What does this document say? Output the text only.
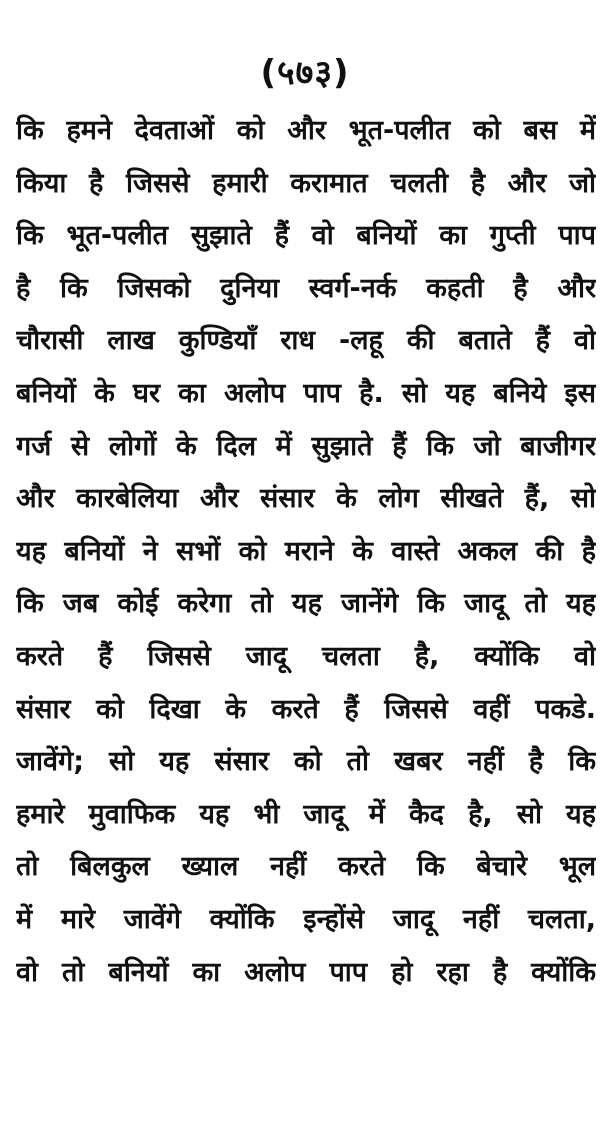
(५७३)
कि हमने देवताओं को और भूत-पलीत को बस में
किया है जिससे हमारी करामात चलती है और जो
कि भूत-पलीत सुझाते हैं वो बनियों का गुप्ती पाप
है कि जिसको दुनिया स्वर्ग-नर्क कहती है और
चौरासी लाख कुण्डियाँ राध -लहू की बताते हैं वो
बनियों के घर का अलोप पाप है. सो यह बनिये इस
गर्ज से लोगों के दिल में सुझाते हैं कि जो बाजीगर
और कारबेलिया और संसार के लोग सीखते हैं, सो
यह बनियों ने सभों को मराने के वास्ते अकल की है
कि जब कोई करेगा तो यह जानेंगे कि जादू तो यह
करते हैं जिससे जादू चलता है, क्योंकि वो
संसार को दिखा के करते हैं जिससे वहीं पकडे.
जावेंगे; सो यह संसार को तो खबर नहीं है कि
हमारे मुवाफिक यह भी जादू में कैद है, सो यह
तो बिलकुल ख्याल नहीं करते कि बेचारे भूल
में मारे जावेंगे क्योंकि इन्होंसे जादू नहीं चलता,
वो तो बनियों का अलोप पाप हो रहा है क्योंकि
